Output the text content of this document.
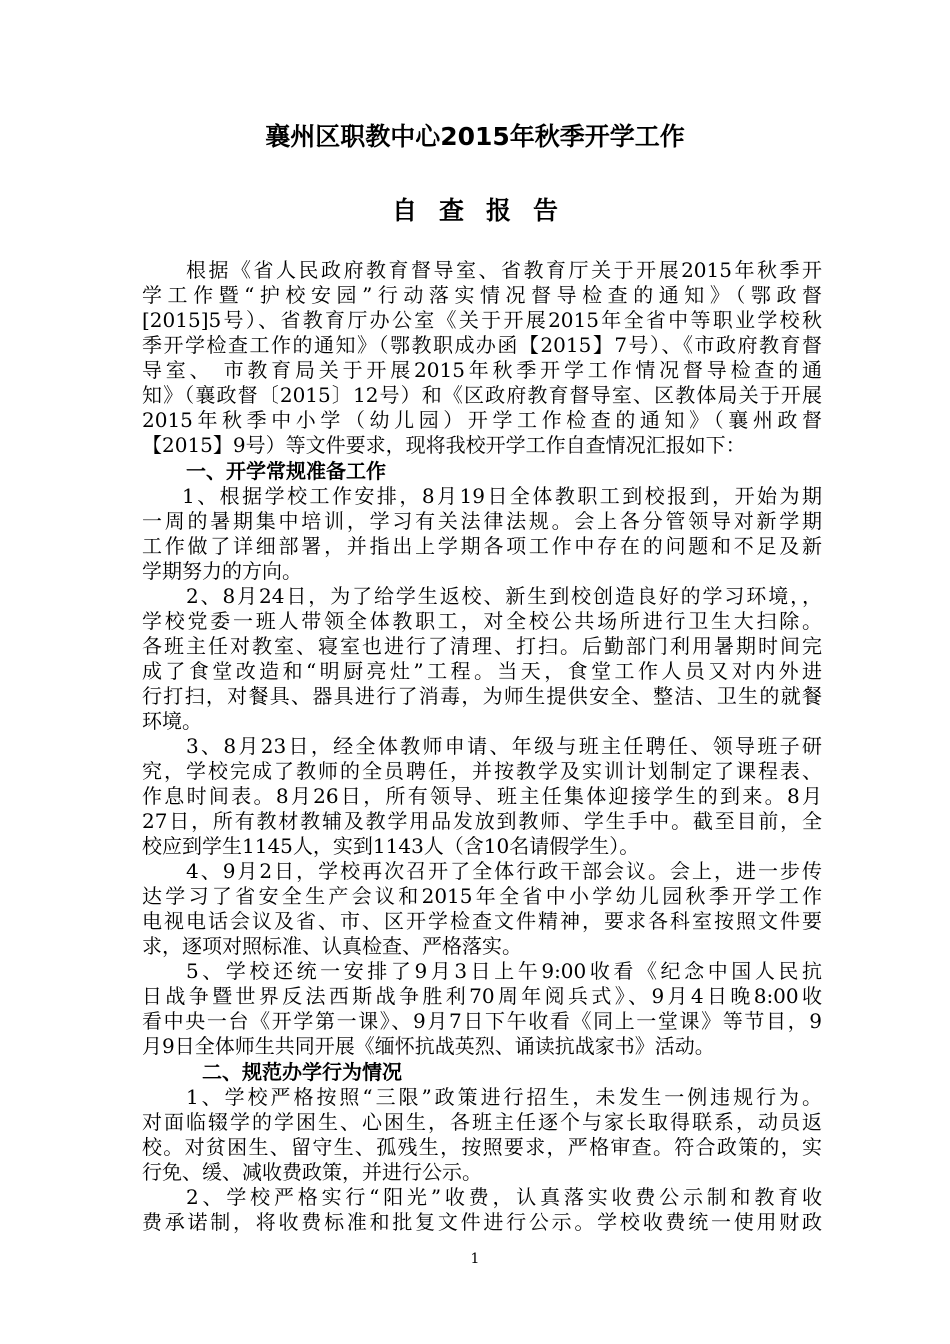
襄州区职教中心2015年秋季开学工作
自查报告
根据《省人民政府教育督导室、省教育厅关于开展2015年秋季开
学工作暨“护校安园”行动落实情况督导检查的通知》（鄂政督
[2015]5号）、省教育厅办公室《关于开展2015年全省中等职业学校秋
季开学检查工作的通知》（鄂教职成办函【2015】7号）、《市政府教育督
导室、 市教育局关于开展2015年秋季开学工作情况督导检查的通
知》（襄政督〔2015〕12号）和《区政府教育督导室、区教体局关于开展
2015年秋季中小学（幼儿园）开学工作检查的通知》（襄州政督
【2015】9号）等文件要求，现将我校开学工作自查情况汇报如下：
一、开学常规准备工作
1、根据学校工作安排，8月19日全体教职工到校报到，开始为期
一周的暑期集中培训，学习有关法律法规。会上各分管领导对新学期
工作做了详细部署，并指出上学期各项工作中存在的问题和不足及新
学期努力的方向。
2、8月24日，为了给学生返校、新生到校创造良好的学习环境，，
学校党委一班人带领全体教职工，对全校公共场所进行卫生大扫除。
各班主任对教室、寝室也进行了清理、打扫。后勤部门利用暑期时间完
成了食堂改造和“明厨亮灶”工程。当天，食堂工作人员又对内外进
行打扫，对餐具、器具进行了消毒，为师生提供安全、整洁、卫生的就餐
环境。
3、8月23日，经全体教师申请、年级与班主任聘任、领导班子研
究，学校完成了教师的全员聘任，并按教学及实训计划制定了课程表、
作息时间表。8月26日，所有领导、班主任集体迎接学生的到来。8月
27日，所有教材教辅及教学用品发放到教师、学生手中。截至目前，全
校应到学生1145人，实到1143人（含10名请假学生）。
4、9月2日，学校再次召开了全体行政干部会议。会上，进一步传
达学习了省安全生产会议和2015年全省中小学幼儿园秋季开学工作
电视电话会议及省、市、区开学检查文件精神，要求各科室按照文件要
求，逐项对照标准、认真检查、严格落实。
5、学校还统一安排了9月3日上午9:00收看《纪念中国人民抗
日战争暨世界反法西斯战争胜利70周年阅兵式》、9月4日晚8:00收
看中央一台《开学第一课》、9月7日下午收看《同上一堂课》等节目，9
月9日全体师生共同开展《缅怀抗战英烈、诵读抗战家书》活动。
二、规范办学行为情况
1、学校严格按照“三限”政策进行招生，未发生一例违规行为。
对面临辍学的学困生、心困生，各班主任逐个与家长取得联系，动员返
校。对贫困生、留守生、孤残生，按照要求，严格审查。符合政策的，实
行免、缓、减收费政策，并进行公示。
2、学校严格实行“阳光”收费，认真落实收费公示制和教育收
费承诺制，将收费标准和批复文件进行公示。学校收费统一使用财政
1
